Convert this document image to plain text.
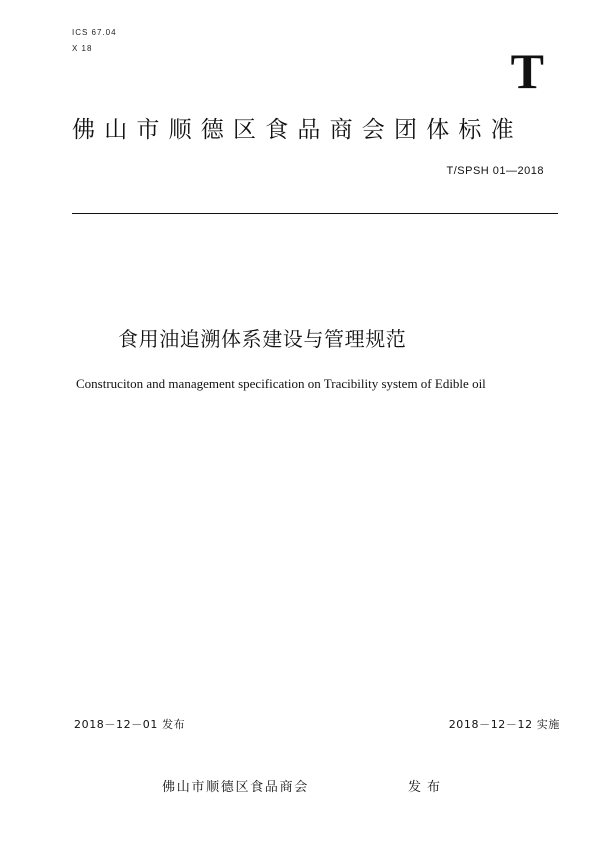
ICS 67.04
X 18	T
佛山市顺德区食品商会团体标准
T/SPSH 01—2018
食用油追溯体系建设与管理规范
Construciton and management specification on Tracibility system of Edible oil
2018－12－01 发布	2018－12－12 实施
佛山市顺德区食品商会	发布
